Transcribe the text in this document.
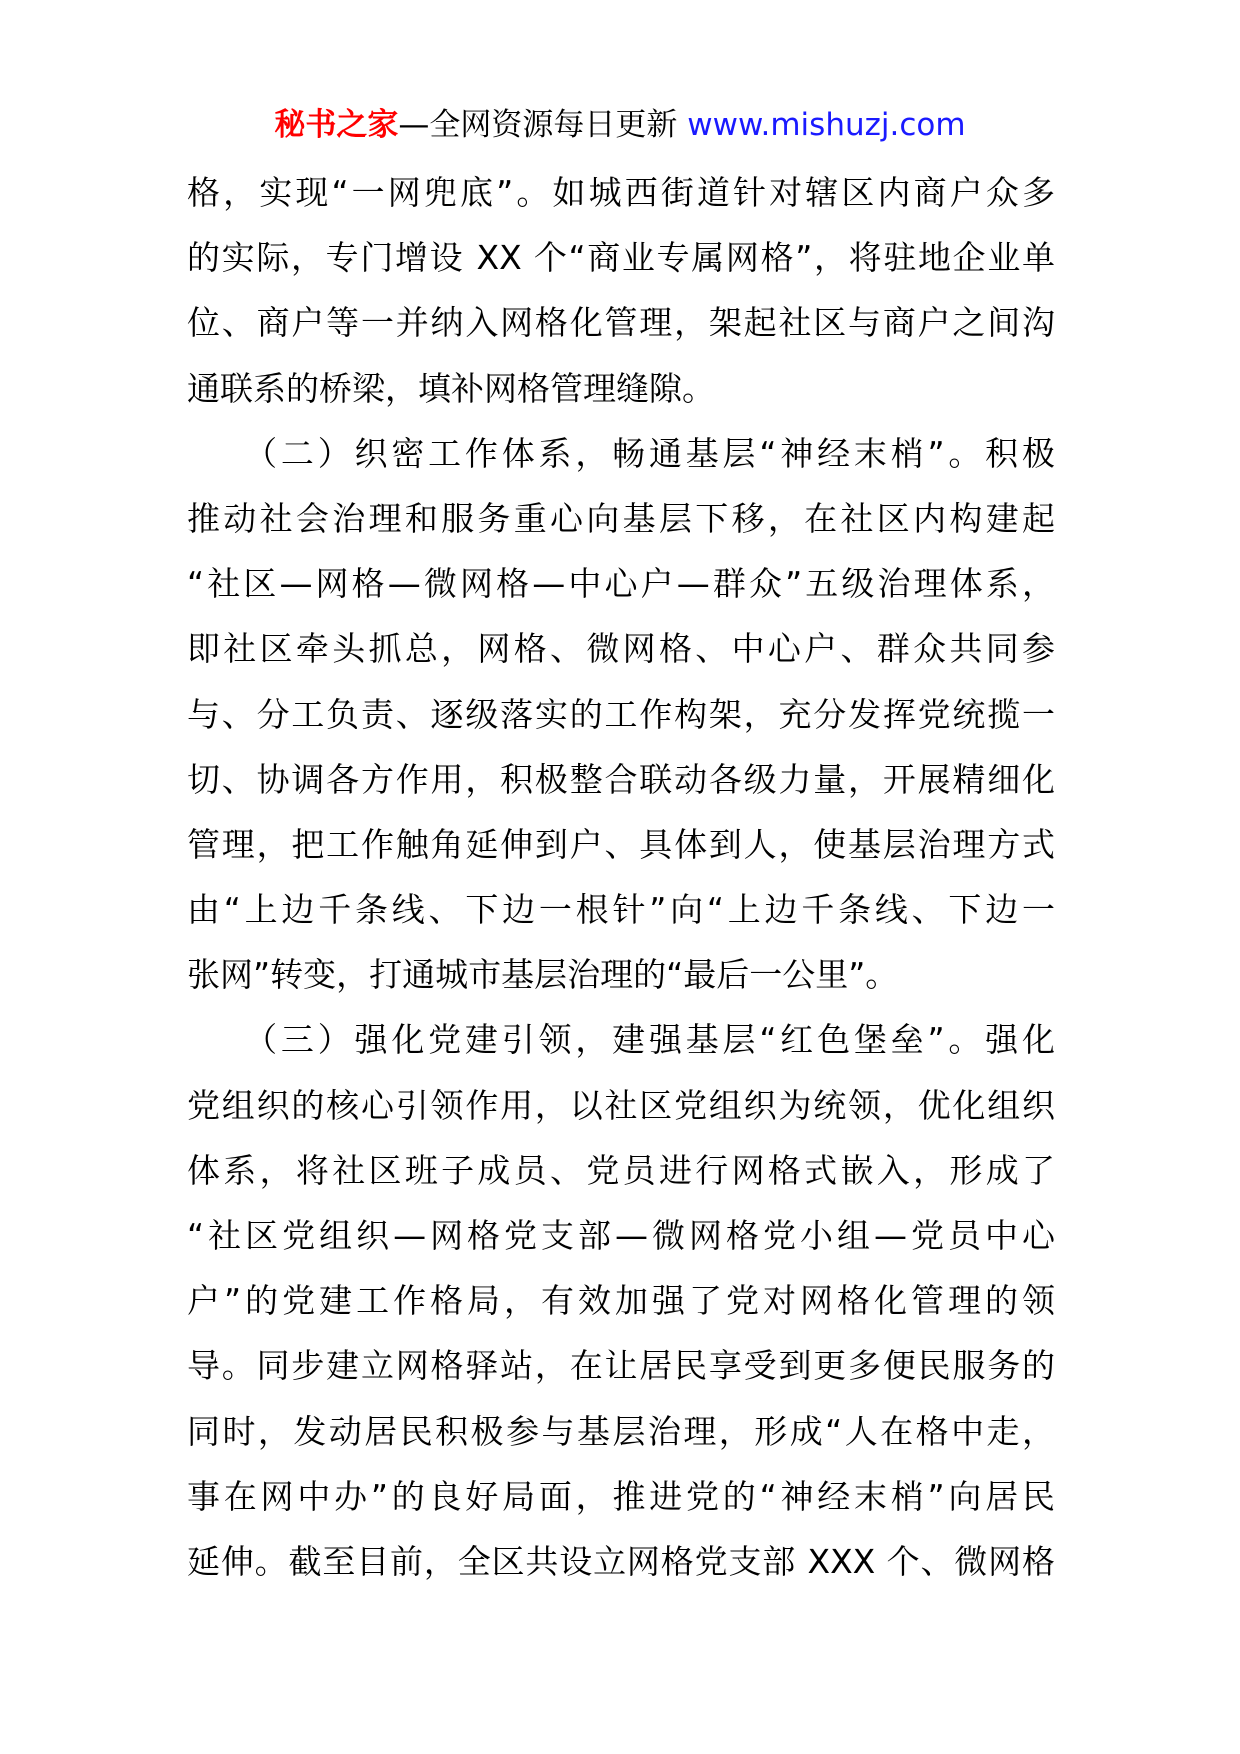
秘书之家—全网资源每日更新 www.mishuzj.com
格，实现“一网兜底”。如城西街道针对辖区内商户众多
的实际，专门增设 XX 个“商业专属网格”，将驻地企业单
位、商户等一并纳入网格化管理，架起社区与商户之间沟
通联系的桥梁，填补网格管理缝隙。
　　（二）织密工作体系，畅通基层“神经末梢”。积极
推动社会治理和服务重心向基层下移，在社区内构建起
“社区—网格—微网格—中心户—群众”五级治理体系，
即社区牵头抓总，网格、微网格、中心户、群众共同参
与、分工负责、逐级落实的工作构架，充分发挥党统揽一
切、协调各方作用，积极整合联动各级力量，开展精细化
管理，把工作触角延伸到户、具体到人，使基层治理方式
由“上边千条线、下边一根针”向“上边千条线、下边一
张网”转变，打通城市基层治理的“最后一公里”。
　　（三）强化党建引领，建强基层“红色堡垒”。强化
党组织的核心引领作用，以社区党组织为统领，优化组织
体系，将社区班子成员、党员进行网格式嵌入，形成了
“社区党组织—网格党支部—微网格党小组—党员中心
户”的党建工作格局，有效加强了党对网格化管理的领
导。同步建立网格驿站，在让居民享受到更多便民服务的
同时，发动居民积极参与基层治理，形成“人在格中走，
事在网中办”的良好局面，推进党的“神经末梢”向居民
延伸。截至目前，全区共设立网格党支部 XXX 个、微网格
